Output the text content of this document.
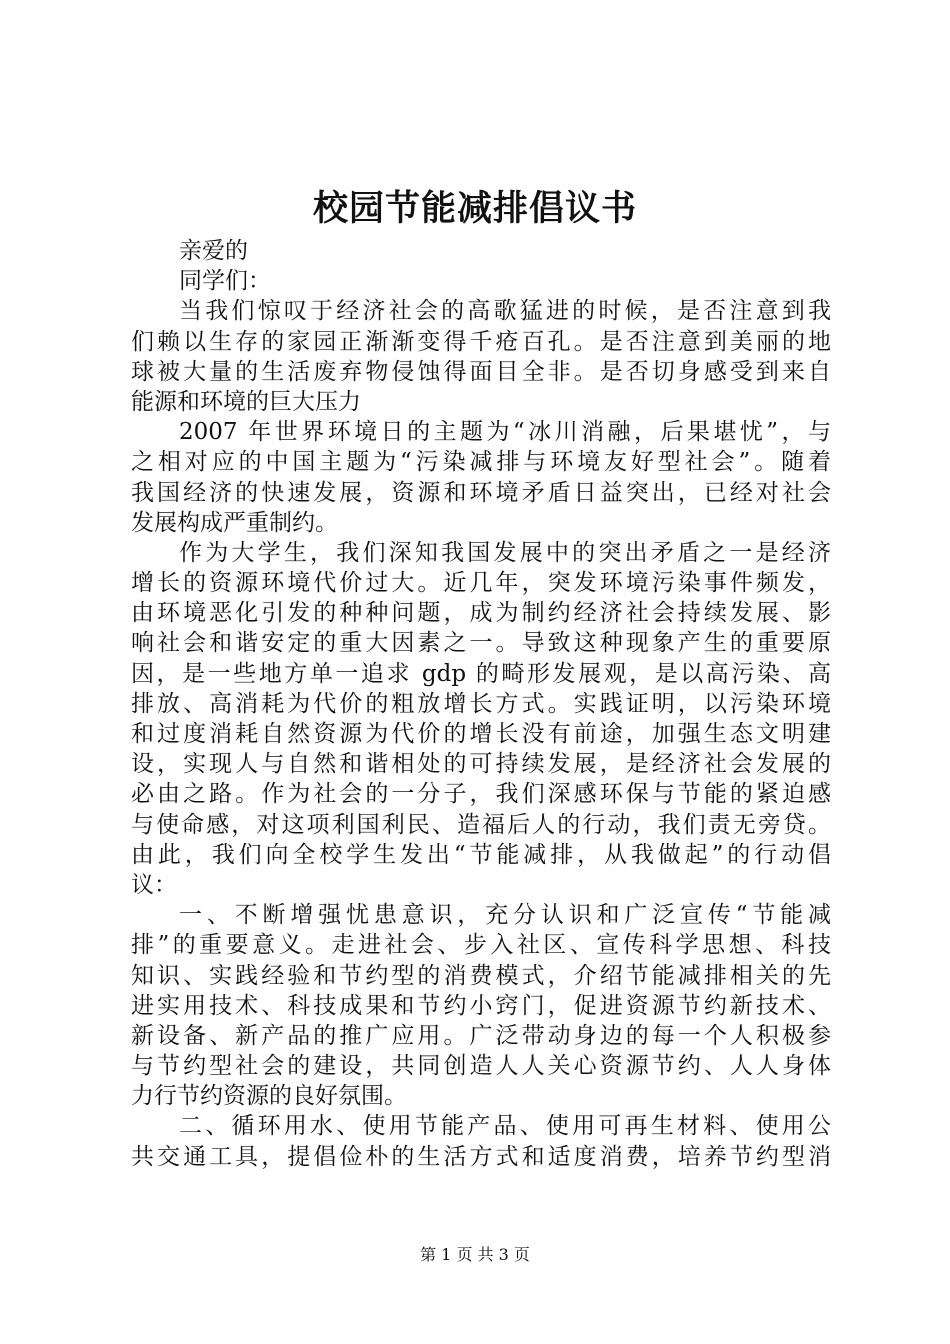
校园节能减排倡议书
亲爱的
同学们：
当我们惊叹于经济社会的高歌猛进的时候，是否注意到我
们赖以生存的家园正渐渐变得千疮百孔。是否注意到美丽的地
球被大量的生活废弃物侵蚀得面目全非。是否切身感受到来自
能源和环境的巨大压力
2007 年世界环境日的主题为“冰川消融，后果堪忧”，与
之相对应的中国主题为“污染减排与环境友好型社会”。随着
我国经济的快速发展，资源和环境矛盾日益突出，已经对社会
发展构成严重制约。
作为大学生，我们深知我国发展中的突出矛盾之一是经济
增长的资源环境代价过大。近几年，突发环境污染事件频发，
由环境恶化引发的种种问题，成为制约经济社会持续发展、影
响社会和谐安定的重大因素之一。导致这种现象产生的重要原
因，是一些地方单一追求 gdp 的畸形发展观，是以高污染、高
排放、高消耗为代价的粗放增长方式。实践证明，以污染环境
和过度消耗自然资源为代价的增长没有前途，加强生态文明建
设，实现人与自然和谐相处的可持续发展，是经济社会发展的
必由之路。作为社会的一分子，我们深感环保与节能的紧迫感
与使命感，对这项利国利民、造福后人的行动，我们责无旁贷。
由此，我们向全校学生发出“节能减排，从我做起”的行动倡
议：
一、不断增强忧患意识，充分认识和广泛宣传“节能减
排”的重要意义。走进社会、步入社区、宣传科学思想、科技
知识、实践经验和节约型的消费模式，介绍节能减排相关的先
进实用技术、科技成果和节约小窍门，促进资源节约新技术、
新设备、新产品的推广应用。广泛带动身边的每一个人积极参
与节约型社会的建设，共同创造人人关心资源节约、人人身体
力行节约资源的良好氛围。
二、循环用水、使用节能产品、使用可再生材料、使用公
共交通工具，提倡俭朴的生活方式和适度消费，培养节约型消
第 1 页 共 3 页
